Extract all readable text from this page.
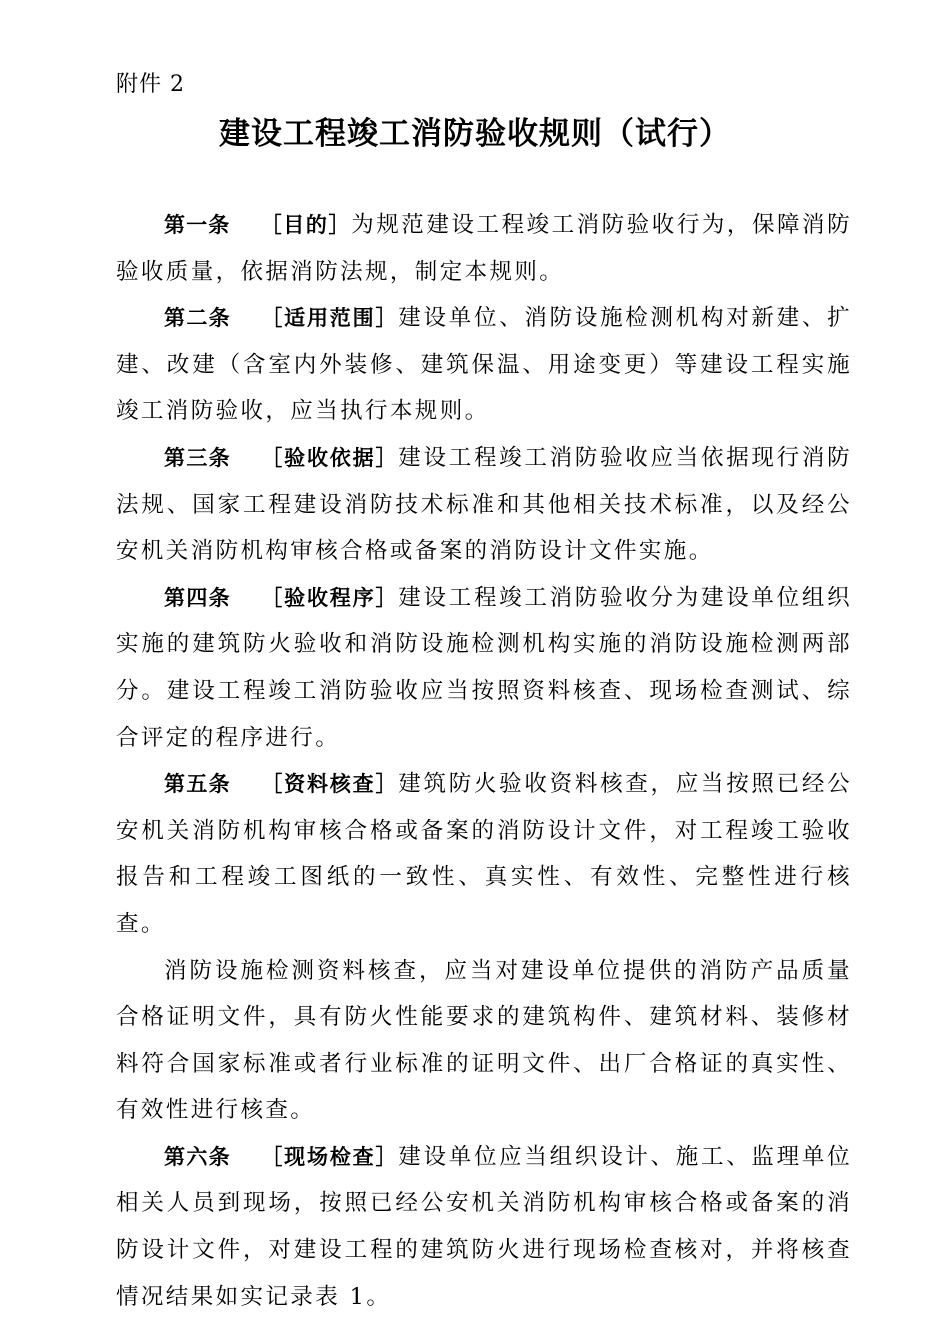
附件 2
建设工程竣工消防验收规则（试行）

第一条 ［目的］为规范建设工程竣工消防验收行为，保障消防验收质量，依据消防法规，制定本规则。

第二条 ［适用范围］建设单位、消防设施检测机构对新建、扩建、改建（含室内外装修、建筑保温、用途变更）等建设工程实施竣工消防验收，应当执行本规则。

第三条 ［验收依据］建设工程竣工消防验收应当依据现行消防法规、国家工程建设消防技术标准和其他相关技术标准，以及经公安机关消防机构审核合格或备案的消防设计文件实施。

第四条 ［验收程序］建设工程竣工消防验收分为建设单位组织实施的建筑防火验收和消防设施检测机构实施的消防设施检测两部分。建设工程竣工消防验收应当按照资料核查、现场检查测试、综合评定的程序进行。

第五条 ［资料核查］建筑防火验收资料核查，应当按照已经公安机关消防机构审核合格或备案的消防设计文件，对工程竣工验收报告和工程竣工图纸的一致性、真实性、有效性、完整性进行核查。

消防设施检测资料核查，应当对建设单位提供的消防产品质量合格证明文件，具有防火性能要求的建筑构件、建筑材料、装修材料符合国家标准或者行业标准的证明文件、出厂合格证的真实性、有效性进行核查。

第六条 ［现场检查］建设单位应当组织设计、施工、监理单位相关人员到现场，按照已经公安机关消防机构审核合格或备案的消防设计文件，对建设工程的建筑防火进行现场检查核对，并将核查情况结果如实记录表 1。
